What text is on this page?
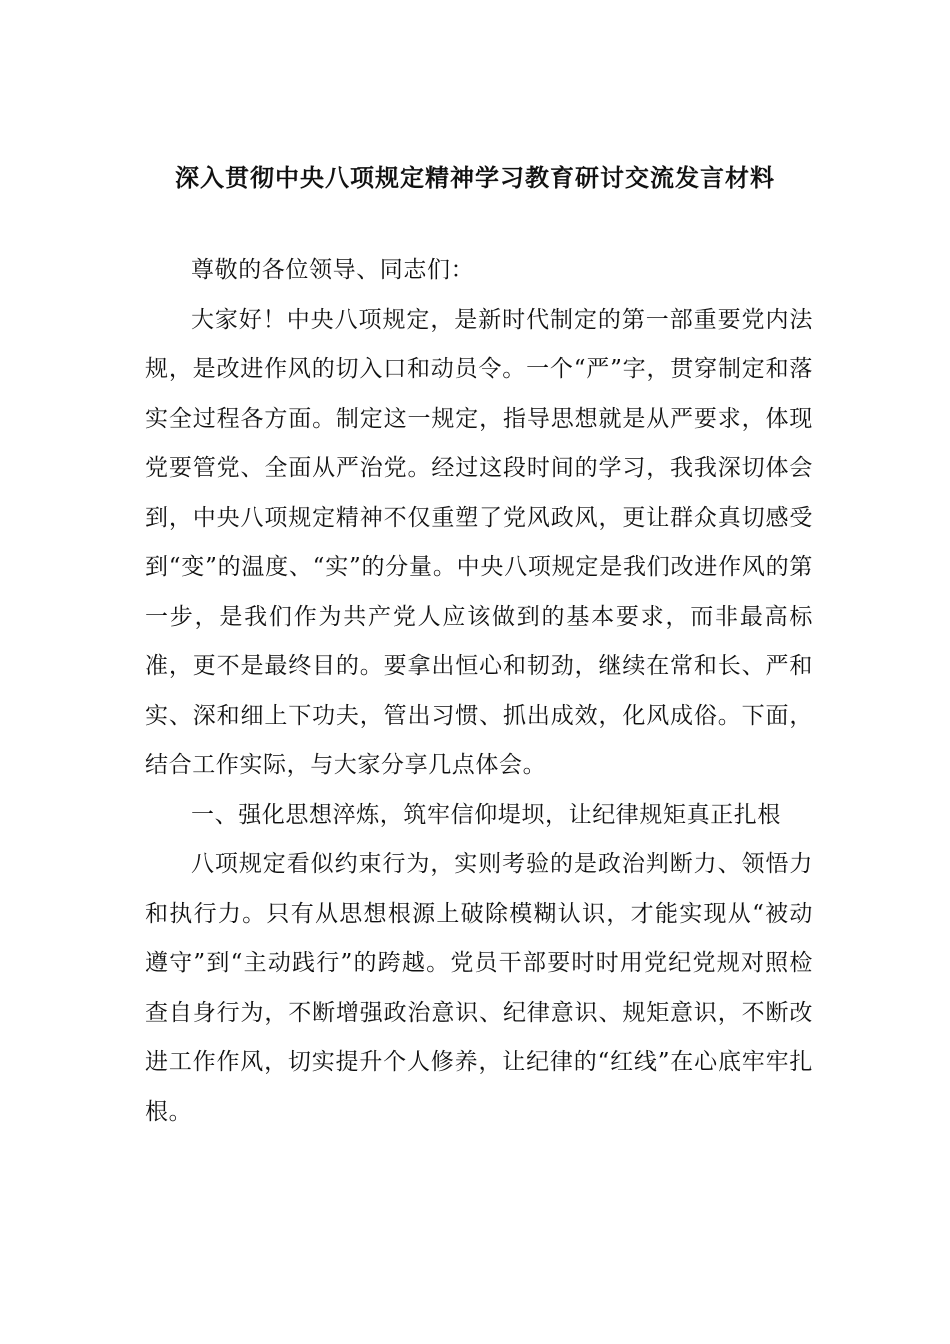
深入贯彻中央八项规定精神学习教育研讨交流发言材料

尊敬的各位领导、同志们：

大家好！中央八项规定，是新时代制定的第一部重要党内法规，是改进作风的切入口和动员令。一个“严”字，贯穿制定和落实全过程各方面。制定这一规定，指导思想就是从严要求，体现党要管党、全面从严治党。经过这段时间的学习，我我深切体会到，中央八项规定精神不仅重塑了党风政风，更让群众真切感受到“变”的温度、“实”的分量。中央八项规定是我们改进作风的第一步，是我们作为共产党人应该做到的基本要求，而非最高标准，更不是最终目的。要拿出恒心和韧劲，继续在常和长、严和实、深和细上下功夫，管出习惯、抓出成效，化风成俗。下面，结合工作实际，与大家分享几点体会。

一、强化思想淬炼，筑牢信仰堤坝，让纪律规矩真正扎根

八项规定看似约束行为，实则考验的是政治判断力、领悟力和执行力。只有从思想根源上破除模糊认识，才能实现从“被动遵守”到“主动践行”的跨越。党员干部要时时用党纪党规对照检查自身行为，不断增强政治意识、纪律意识、规矩意识，不断改进工作作风，切实提升个人修养，让纪律的“红线”在心底牢牢扎根。
